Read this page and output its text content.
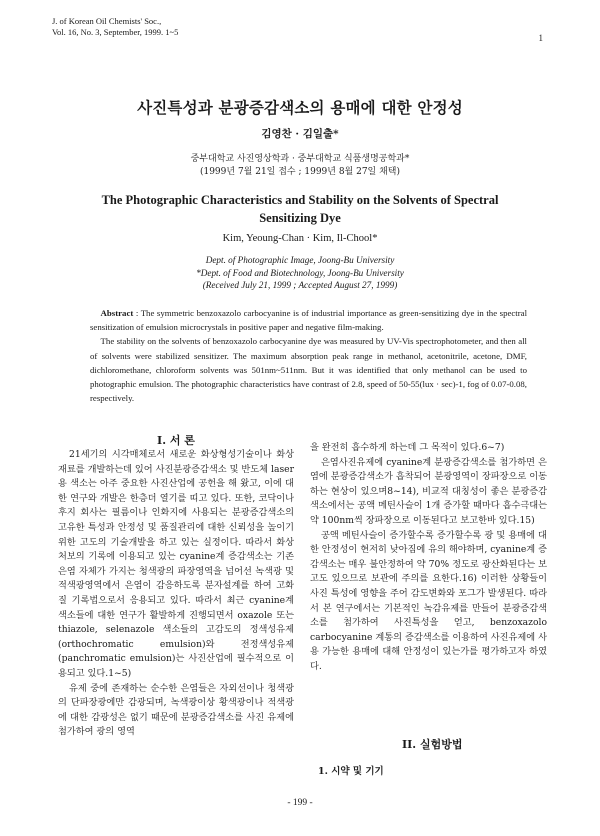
J. of Korean Oil Chemists' Soc.,
Vol. 16, No. 3, September, 1999. 1~5
1
사진특성과 분광증감색소의 용매에 대한 안정성
김영찬 · 김일출*
중부대학교 사진영상학과 · 중부대학교 식품생명공학과*
(1999년 7월 21일 접수 ; 1999년 8월 27일 채택)
The Photographic Characteristics and Stability on the Solvents of Spectral
Sensitizing Dye
Kim, Yeoung-Chan · Kim, Il-Chool*
Dept. of Photographic Image, Joong-Bu University
*Dept. of Food and Biotechnology, Joong-Bu University
(Received July 21, 1999 ; Accepted August 27, 1999)

Abstract : The symmetric benzoxazolo carbocyanine is of industrial importance as green-sensitizing dye in the spectral sensitization of emulsion microcrystals in positive paper and negative film-making.

The stability on the solvents of benzoxazolo carbocyanine dye was measured by UV-Vis spectrophotometer, and then all of solvents were stabilized sensitizer. The maximum absorption peak range in methanol, acetonitrile, acetone, DMF, dichloromethane, chloroform solvents was 501nm~511nm. But it was identified that only methanol can be used to photographic emulsion. The photographic characteristics have contrast of 2.8, speed of 50-55(lux · sec)-1, fog of 0.07-0.08, respectively.

I. 서 론

21세기의 시각매체로서 새로운 화상형성기술이나 화상재료를 개발하는데 있어 사진분광증감색소 및 반도체 laser용 색소는 아주 중요한 사진산업에 공헌을 해 왔고, 이에 대한 연구와 개발은 한층더 열기를 띠고 있다. 또한, 코닥이나 후지 회사는 필름이나 인화지에 사용되는 분광증감색소의 고유한 특성과 안정성 및 품질관리에 대한 신뢰성을 높이기 위한 고도의 기술개발을 하고 있는 실정이다. 따라서 화상처보의 기록에 이용되고 있는 cyanine계 증감색소는 기존 은염 자체가 가지는 청색광의 파장영역을 넘어선 녹색광 및 적색광영역에서 은염이 감응하도록 분자설계를 하여 고화질 기록법으로서 응용되고 있다. 따라서 최근 cyanine계 색소들에 대한 연구가 활발하게 진행되면서 oxazole 또는 thiazole, selenazole 색소들의 고감도의 정색성유제(orthochromatic emulsion)와 전정색성유제(panchromatic emulsion)는 사진산업에 필수적으로 이용되고 있다.1~5)

유제 중에 존재하는 순수한 은염들은 자외선이나 청색광의 단파장광에만 감광되며, 녹색광이상 황색광이나 적색광에 대한 감광성은 없기 때문에 분광증감색소를 사진 유제에 첨가하여 광의 영역

을 완전히 흡수하게 하는데 그 목적이 있다.6~7)

은염사진유제에 cyanine계 분광증감색소를 첨가하면 은염에 분광증감색소가 흡착되어 분광영역이 장파장으로 이동하는 현상이 있으며8~14), 비교적 대칭성이 좋은 분광증감색소에서는 공액 메틴사슬이 1개 증가할 때마다 흡수극대는 약 100nm씩 장파장으로 이동된다고 보고한바 있다.15)

공액 메틴사슬이 증가할수록 증가할수록 광 및 용매에 대한 안정성이 현저히 낮아짐에 유의 해야하며, cyanine계 증감색소는 매우 불안정하여 약 70% 정도로 광산화된다는 보고도 있으므로 보관에 주의를 요한다.16) 이러한 상황들이 사진 특성에 영향을 주어 감도변화와 포그가 발생된다. 따라서 본 연구에서는 기본적인 녹감유제를 만들어 분광증감색소를 첨가하여 사진특성을 얻고, benzoxazolo carbocyanine 계통의 증감색소를 이용하여 사진유제에 사용 가능한 용매에 대해 안정성이 있는가를 평가하고자 하였다.

II. 실험방법
1. 시약 및 기기
- 199 -
